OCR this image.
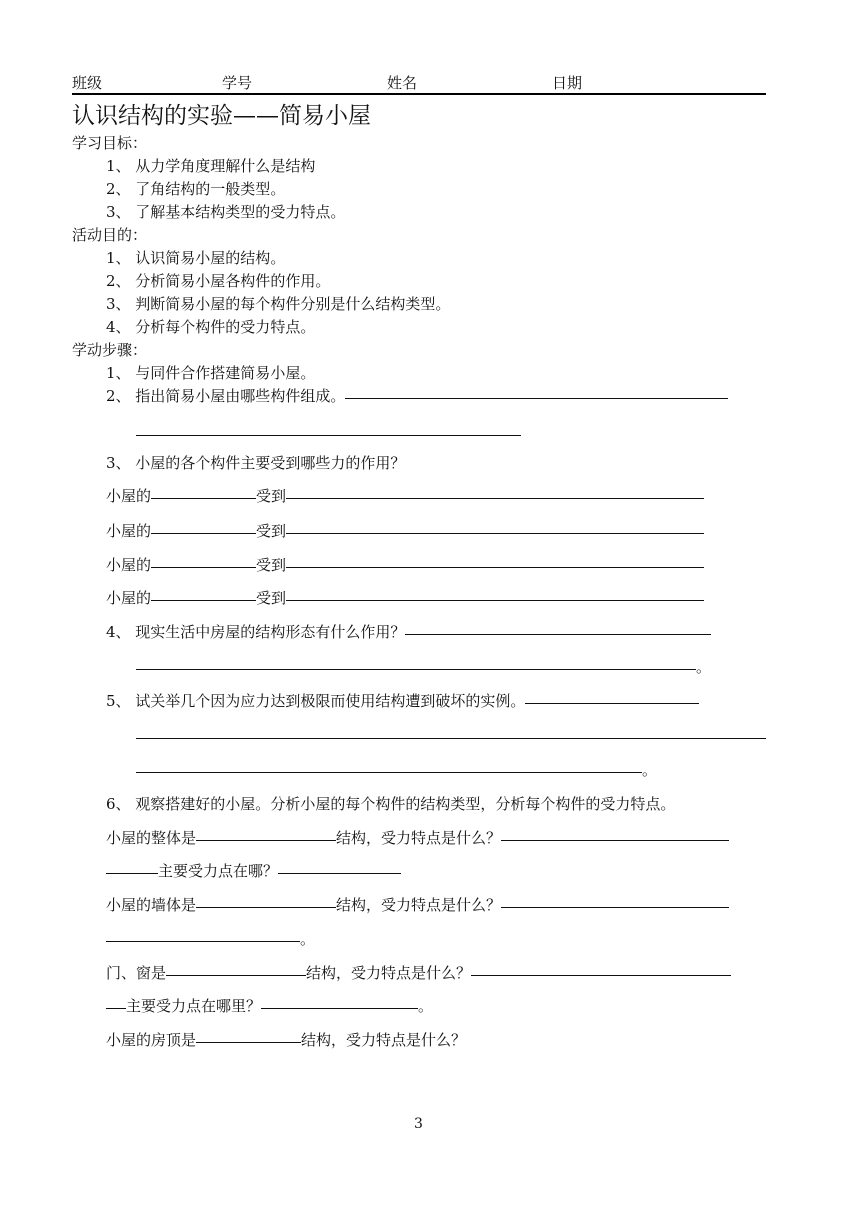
班级	学号	姓名	日期
认识结构的实验——简易小屋
学习目标：
1、 从力学角度理解什么是结构
2、 了角结构的一般类型。
3、 了解基本结构类型的受力特点。
活动目的：
1、 认识简易小屋的结构。
2、 分析简易小屋各构件的作用。
3、 判断简易小屋的每个构件分别是什么结构类型。
4、 分析每个构件的受力特点。
学动步骤：
1、 与同件合作搭建简易小屋。
2、 指出简易小屋由哪些构件组成。
3、 小屋的各个构件主要受到哪些力的作用？
小屋的	受到
小屋的	受到
小屋的	受到
小屋的	受到
4、 现实生活中房屋的结构形态有什么作用？
。
5、 试关举几个因为应力达到极限而使用结构遭到破坏的实例。
。
6、 观察搭建好的小屋。分析小屋的每个构件的结构类型，分析每个构件的受力特点。
小屋的整体是	结构，受力特点是什么？
主要受力点在哪？
小屋的墙体是	结构，受力特点是什么？
。
门、窗是	结构，受力特点是什么？
主要受力点在哪里？	。
小屋的房顶是	结构，受力特点是什么？
3
